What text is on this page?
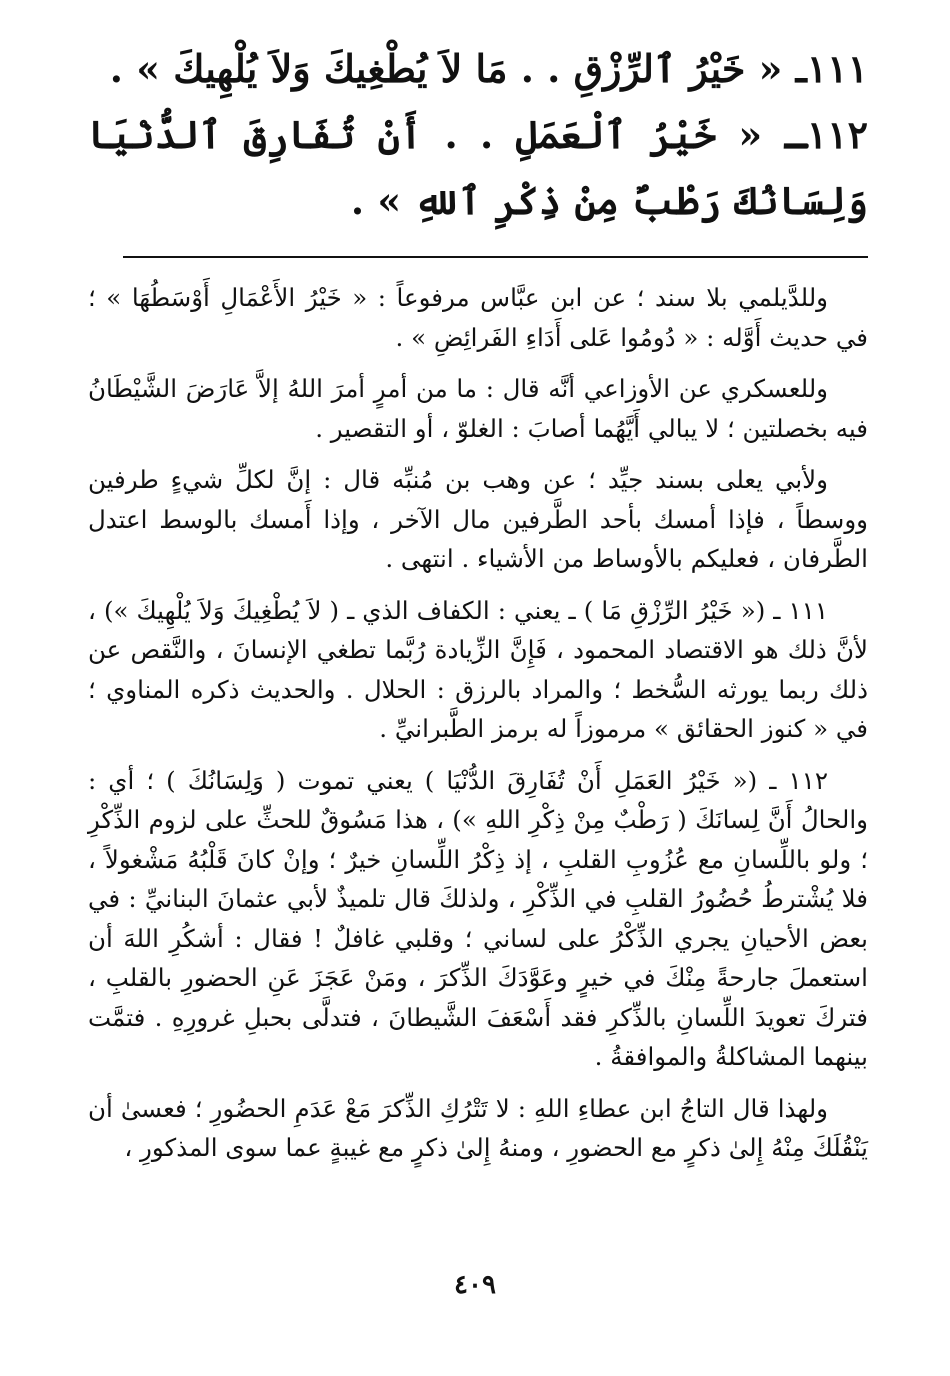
١١١ـ « خَيْرُ ٱلرِّزْقِ . . مَا لاَ يُطْغِيكَ وَلاَ يُلْهِيكَ » .

١١٢ـ « خَيْرُ ٱلْعَمَلِ . . أَنْ تُفَارِقَ ٱلدُّنْيَا وَلِسَانُكَ رَطْبٌ مِنْ ذِكْرِ ٱللهِ » .

وللدَّيلمي بلا سند ؛ عن ابن عبَّاس مرفوعاً : « خَيْرُ الأَعْمَالِ أَوْسَطُهَا » ؛ في حديث أَوَّله : « دُومُوا عَلى أَدَاءِ الفَرائِضِ » .

وللعسكري عن الأوزاعي أنَّه قال : ما من أمرٍ أمرَ اللهُ إلاَّ عَارَضَ الشَّيْطَانُ فيه بخصلتين ؛ لا يبالي أَيَّهُما أصابَ : الغلوّ ، أو التقصير .

ولأبي يعلى بسند جيِّد ؛ عن وهب بن مُنبِّه قال : إنَّ لكلِّ شيءٍ طرفين ووسطاً ، فإذا أمسك بأحد الطَّرفين مال الآخر ، وإذا أَمسك بالوسط اعتدل الطَّرفان ، فعليكم بالأوساط من الأشياء . انتهى .

١١١ ـ (« خَيْرُ الرِّزْقِ مَا ) ـ يعني : الكفاف الذي ـ ( لاَ يُطْغِيكَ وَلاَ يُلْهِيكَ ») ، لأنَّ ذلك هو الاقتصاد المحمود ، فَإِنَّ الزِّيادة رُبَّما تطغي الإنسانَ ، والنَّقص عن ذلك ربما يورثه السُّخط ؛ والمراد بالرزق : الحلال . والحديث ذكره المناوي ؛ في « كنوز الحقائق » مرموزاً له برمز الطَّبرانيِّ .

١١٢ ـ (« خَيْرُ العَمَلِ أَنْ تُفَارِقَ الدُّنْيَا ) يعني تموت ( وَلِسَانُكَ ) ؛ أي : والحالُ أَنَّ لِسانَكَ ( رَطْبٌ مِنْ ذِكْرِ اللهِ ») ، هذا مَسُوقٌ للحثِّ على لزوم الذِّكْرِ ؛ ولو باللِّسانِ مع عُزُوبِ القلبِ ، إذ ذِكْرُ اللِّسانِ خيرٌ ؛ وإنْ كانَ قَلْبُهُ مَشْغولاً ، فلا يُشْترطُ حُضُورُ القلبِ في الذِّكْرِ ، ولذلكَ قال تلميذٌ لأبي عثمانَ البنانيِّ : في بعض الأحيانِ يجري الذِّكْرُ على لساني ؛ وقلبي غافلٌ ! فقال : أشكُرِ اللهَ أن استعملَ جارحةً مِنْكَ في خيرٍ وعَوَّدَكَ الذِّكرَ ، ومَنْ عَجَزَ عَنِ الحضورِ بالقلبِ ، فتركَ تعويدَ اللِّسانِ بالذِّكرِ فقد أَسْعَفَ الشَّيطانَ ، فتدلَّى بحبلِ غرورِهِ . فتمَّت بينهما المشاكلةُ والموافقةُ .

ولهذا قال التاجُ ابن عطاءِ اللهِ : لا تَتْرُكِ الذِّكرَ مَعْ عَدَمِ الحضُورِ ؛ فعسىٰ أن يَنْقُلَكَ مِنْهُ إِلىٰ ذكرٍ مع الحضورِ ، ومنهُ إِلىٰ ذكرٍ مع غيبةٍ عما سوى المذكورِ ،

٤٠٩
